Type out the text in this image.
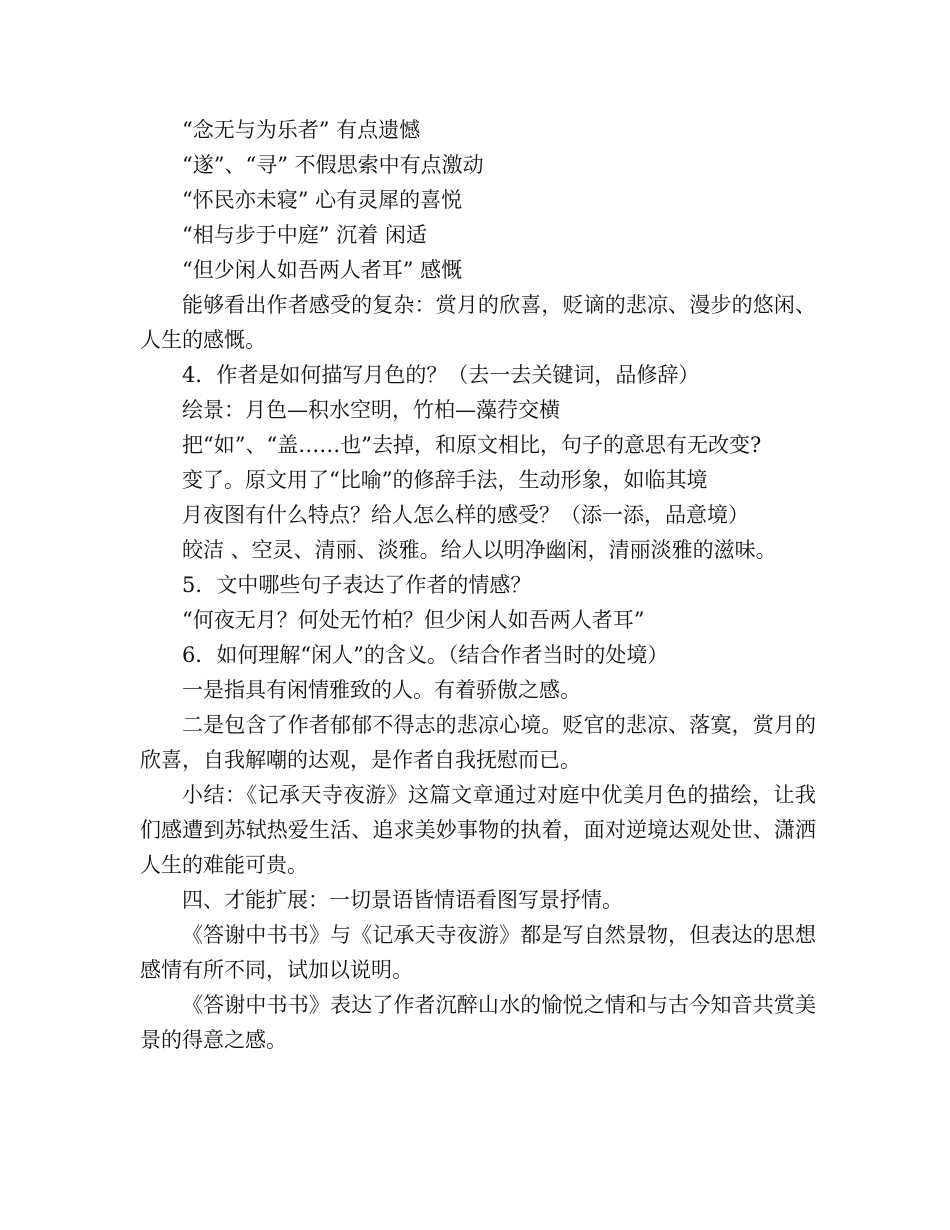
“念无与为乐者” 有点遗憾

“遂”、“寻” 不假思索中有点激动

“怀民亦未寝” 心有灵犀的喜悦

“相与步于中庭” 沉着 闲适

“但少闲人如吾两人者耳” 感慨

能够看出作者感受的复杂：赏月的欣喜，贬谪的悲凉、漫步的悠闲、人生的感慨。

4．作者是如何描写月色的？（去一去关键词，品修辞）

绘景：月色—积水空明，竹柏—藻荇交横

把“如”、“盖……也”去掉，和原文相比，句子的意思有无改变?

变了。原文用了“比喻”的修辞手法，生动形象，如临其境

月夜图有什么特点？给人怎么样的感受？（添一添，品意境）

皎洁 、空灵、清丽、淡雅。给人以明净幽闲，清丽淡雅的滋味。

5．文中哪些句子表达了作者的情感？

“何夜无月？何处无竹柏？但少闲人如吾两人者耳”

6．如何理解“闲人”的含义。（结合作者当时的处境）

一是指具有闲情雅致的人。有着骄傲之感。

二是包含了作者郁郁不得志的悲凉心境。贬官的悲凉、落寞，赏月的欣喜，自我解嘲的达观，是作者自我抚慰而已。

小结：《记承天寺夜游》这篇文章通过对庭中优美月色的描绘，让我们感遭到苏轼热爱生活、追求美妙事物的执着，面对逆境达观处世、潇洒人生的难能可贵。

四、才能扩展：一切景语皆情语看图写景抒情。

《答谢中书书》与《记承天寺夜游》都是写自然景物，但表达的思想感情有所不同，试加以说明。

《答谢中书书》表达了作者沉醉山水的愉悦之情和与古今知音共赏美景的得意之感。
